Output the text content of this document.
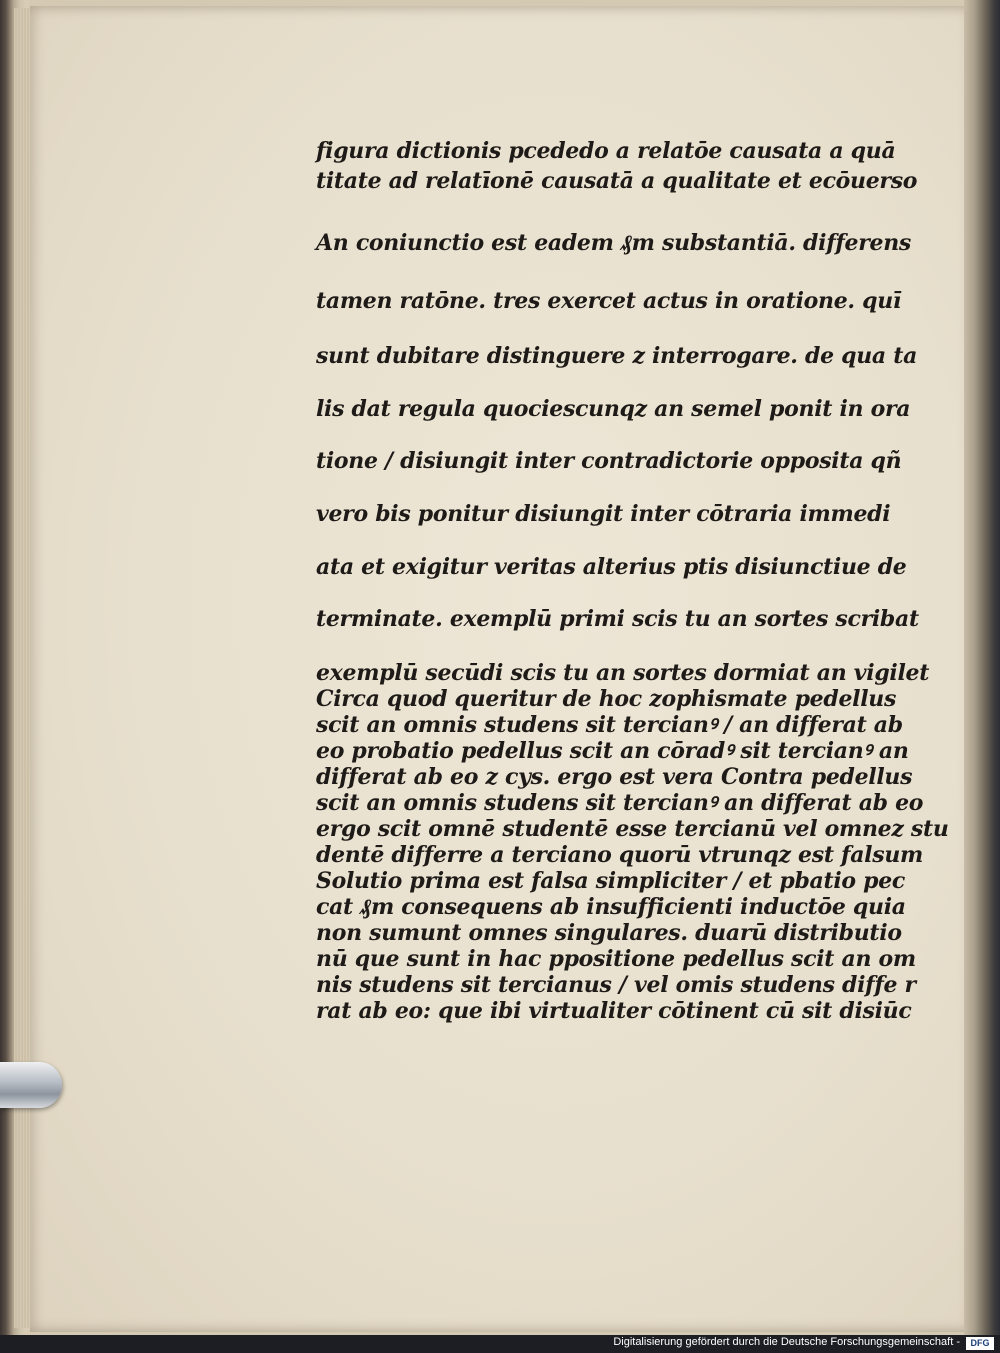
figura dictionis pcededo a relatōe causata a quā
titate ad relatīonē causatā a qualitate et ecōuerso
An coniunctio est eadem ₰m substantiā. differens
tamen ratōne. tres exercet actus in oratione. quī
sunt dubitare distinguere z interrogare. de qua ta
lis dat regula quociescunqz an semel ponit in ora
tione / disiungit inter contradictorie opposita qñ
vero bis ponitur disiungit inter cōtraria immedi
ata et exigitur veritas alterius ptis disiunctiue de
terminate. exemplū primi scis tu an sortes scribat
exemplū secūdi scis tu an sortes dormiat an vigilet
Circa quod queritur de hoc zophismate pedellus
scit an omnis studens sit tercianꝰ / an differat ab
eo probatio pedellus scit an cōradꝰ sit tercianꝰ an
differat ab eo z cys. ergo est vera Contra pedellus
scit an omnis studens sit tercianꝰ an differat ab eo
ergo scit omnē studentē esse tercianū vel omnez stu
dentē differre a terciano quorū vtrunqz est falsum
Solutio prima est falsa simpliciter / et pbatio pec
cat ₰m consequens ab insufficienti inductōe quia
non sumunt omnes singulares. duarū distributio
nū que sunt in hac ppositione pedellus scit an om
nis studens sit tercianus / vel omis studens diffe r
rat ab eo: que ibi virtualiter cōtinent cū sit disiūc
Digitalisierung gefördert durch die Deutsche Forschungsgemeinschaft -	DFG
